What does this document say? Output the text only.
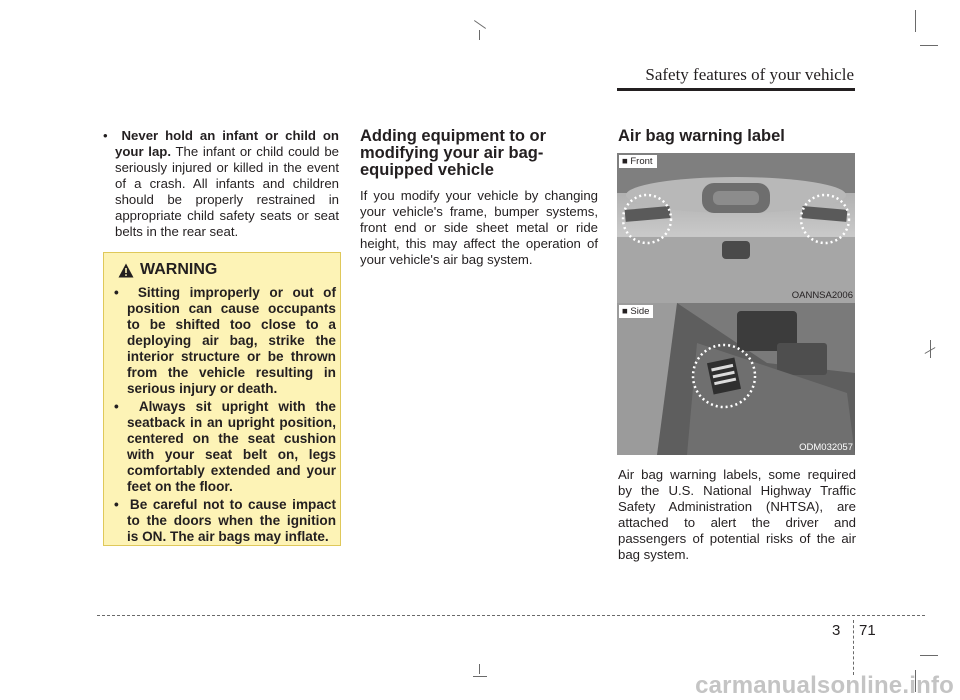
Safety features of your vehicle
•  Never hold an infant or child on your lap. The infant or child could be seriously injured or killed in the event of a crash. All infants and children should be properly restrained in appropriate child safety seats or seat belts in the rear seat.
WARNING
•  Sitting improperly or out of position can cause occupants to be shifted too close to a deploying air bag, strike the interior structure or be thrown from the vehicle resulting in serious injury or death.
•  Always sit upright with the seatback in an upright position, centered on the seat cushion with your seat belt on, legs comfortably extended and your feet on the floor.
•  Be careful not to cause impact to the doors when the ignition is ON. The air bags may inflate.
Adding equipment to or modifying your air bag-equipped vehicle

If you modify your vehicle by changing your vehicle's frame, bumper systems, front end or side sheet metal or ride height, this may affect the operation of your vehicle's air bag system.

Air bag warning label
■ Front
OANNSA2006
■ Side
ODM032057

Air bag warning labels, some required by the U.S. National Highway Traffic Safety Administration (NHTSA), are attached to alert the driver and passengers of potential risks of the air bag system.

3 71
carmanualsonline.info
